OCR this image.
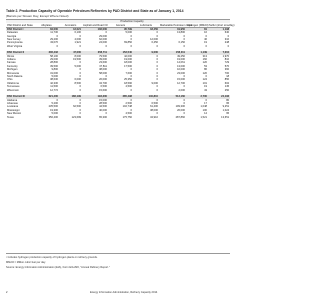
Table 2. Production Capacity of Operable Petroleum Refineries by PAD District and State as of January 1, 2014
(Barrels per Stream Day, Except Where Noted)
	Production Capacity							
PAD District and State	Alkylates	Aromatics	Asphalt and Road Oil	Isomers	Lubricants	Marketable Petroleum Coke	Hydrogen (MMcfd)	Sulfur (short tons/day)
PAD District I	84,000	12,021	136,000	95,799	18,450	19,950	81	1,198
Delaware	11,730	6,100	0	5,000	0	13,800	16	640
Georgia	0	0	29,000	0	0	0	0	0
New Jersey	29,200	4,000	62,000	0	12,000	0	46	310
Pennsylvania	43,070	1,921	24,000	69,850	6,450	6,150	19	248
West Virginia	0	0	0	0	0	0	0	0

PAD District II	306,432	47,000	358,711	152,540	9,000	158,011	1,139	7,004
Illinois	58,100	8,000	79,500	42,000	0	49,250	313	1,970
Indiana	29,000	19,500	39,000	19,000	0	19,000	160	810
Kansas	28,800	0	23,600	18,000	0	14,061	120	729
Kentucky	39,500	5,000	37,811	17,500	0	13,000	53	570
Michigan	9,800	0	38,000	0	0	10,000	86	360
Minnesota	31,000	0	58,000	7,600	0	23,000	120	700
North Dakota	5,000	0	0	0	0	0	0	18
Ohio	38,630	6,000	26,000	25,350	0	15,000	124	850
Oklahoma	42,330	8,500	34,700	18,590	9,000	12,700	101	602
Tennessee	11,500	0	6,500	4,500	0	0	19	145
Wisconsin	12,772	0	15,600	0	0	2,000	43	250

PAD District III	621,400	186,199	193,300	285,498	140,810	513,160	2,700	24,196
Alabama	0	0	15,000	0	0	0	0	80
Arkansas	5,200	0	28,500	2,500	6,500	0	17	95
Louisiana	235,500	62,500	44,500	102,748	61,400	199,300	1,048	9,251
Mississippi	19,300	0	40,000	0	38,000	26,000	100	1,024
New Mexico	5,000	0	0	4,500	0	0	14	95
Texas	356,400	123,699	65,300	175,750	34,910	287,860	1,521	13,651
¹ Includes hydrogen production capacity of hydrogen plants on refinery grounds.
MMcfd = Million cubic feet per day.
Source: Energy Information Administration (EIA), Form EIA-820, "Annual Refinery Report."
2	Energy Information Administration, Refinery Capacity 2014
